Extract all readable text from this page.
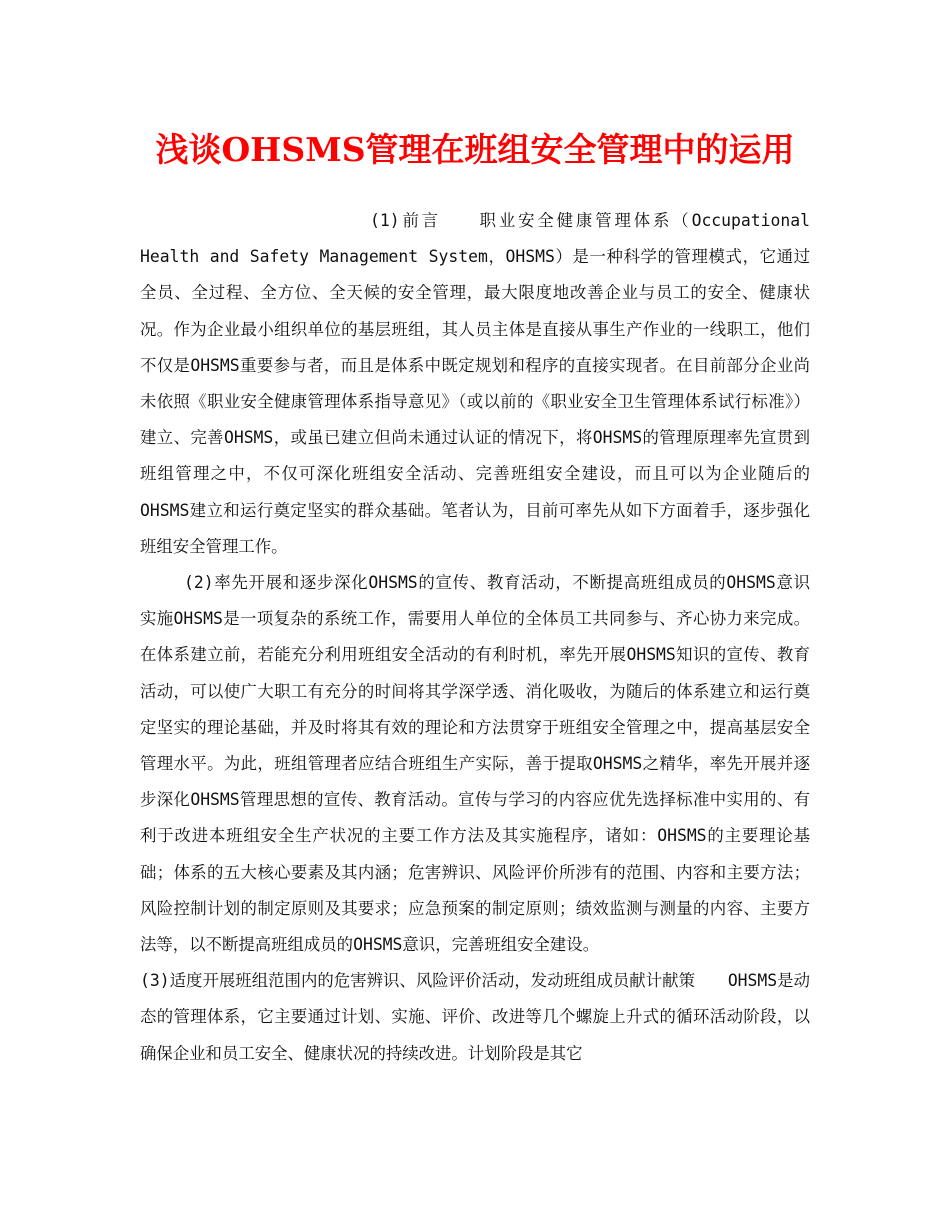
浅谈OHSMS管理在班组安全管理中的运用

(1)前言　　职业安全健康管理体系（Occupational Health and Safety Management System，OHSMS）是一种科学的管理模式，它通过全员、全过程、全方位、全天候的安全管理，最大限度地改善企业与员工的安全、健康状况。作为企业最小组织单位的基层班组，其人员主体是直接从事生产作业的一线职工，他们不仅是OHSMS重要参与者，而且是体系中既定规划和程序的直接实现者。在目前部分企业尚未依照《职业安全健康管理体系指导意见》（或以前的《职业安全卫生管理体系试行标准》）建立、完善OHSMS，或虽已建立但尚未通过认证的情况下，将OHSMS的管理原理率先宣贯到班组管理之中，不仅可深化班组安全活动、完善班组安全建设，而且可以为企业随后的OHSMS建立和运行奠定坚实的群众基础。笔者认为，目前可率先从如下方面着手，逐步强化班组安全管理工作。

(2)率先开展和逐步深化OHSMS的宣传、教育活动，不断提高班组成员的OHSMS意识　　实施OHSMS是一项复杂的系统工作，需要用人单位的全体员工共同参与、齐心协力来完成。在体系建立前，若能充分利用班组安全活动的有利时机，率先开展OHSMS知识的宣传、教育活动，可以使广大职工有充分的时间将其学深学透、消化吸收，为随后的体系建立和运行奠定坚实的理论基础，并及时将其有效的理论和方法贯穿于班组安全管理之中，提高基层安全管理水平。为此，班组管理者应结合班组生产实际，善于提取OHSMS之精华，率先开展并逐步深化OHSMS管理思想的宣传、教育活动。宣传与学习的内容应优先选择标准中实用的、有利于改进本班组安全生产状况的主要工作方法及其实施程序，诸如：OHSMS的主要理论基础；体系的五大核心要素及其内涵；危害辨识、风险评价所涉有的范围、内容和主要方法；风险控制计划的制定原则及其要求；应急预案的制定原则；绩效监测与测量的内容、主要方法等，以不断提高班组成员的OHSMS意识，完善班组安全建设。

(3)适度开展班组范围内的危害辨识、风险评价活动，发动班组成员献计献策　　OHSMS是动态的管理体系，它主要通过计划、实施、评价、改进等几个螺旋上升式的循环活动阶段，以确保企业和员工安全、健康状况的持续改进。计划阶段是其它
